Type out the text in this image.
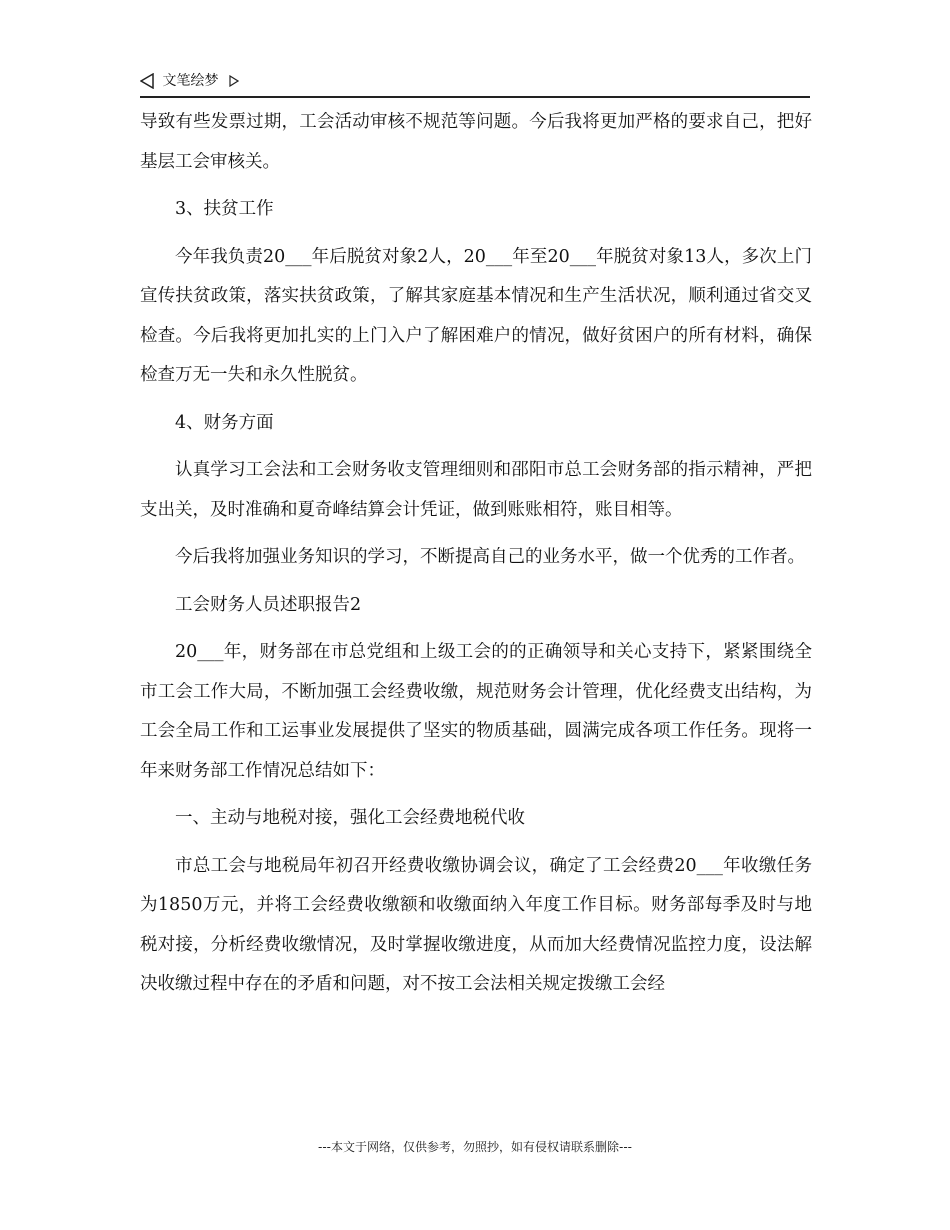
文笔绘梦

导致有些发票过期，工会活动审核不规范等问题。今后我将更加严格的要求自己，把好基层工会审核关。

3、扶贫工作

今年我负责20___年后脱贫对象2人，20___年至20___年脱贫对象13人，多次上门宣传扶贫政策，落实扶贫政策，了解其家庭基本情况和生产生活状况，顺利通过省交叉检查。今后我将更加扎实的上门入户了解困难户的情况，做好贫困户的所有材料，确保检查万无一失和永久性脱贫。

4、财务方面

认真学习工会法和工会财务收支管理细则和邵阳市总工会财务部的指示精神，严把支出关，及时准确和夏奇峰结算会计凭证，做到账账相符，账目相等。

今后我将加强业务知识的学习，不断提高自己的业务水平，做一个优秀的工作者。

工会财务人员述职报告2

20___年，财务部在市总党组和上级工会的的正确领导和关心支持下，紧紧围绕全市工会工作大局，不断加强工会经费收缴，规范财务会计管理，优化经费支出结构，为工会全局工作和工运事业发展提供了坚实的物质基础，圆满完成各项工作任务。现将一年来财务部工作情况总结如下：

一、主动与地税对接，强化工会经费地税代收

市总工会与地税局年初召开经费收缴协调会议，确定了工会经费20___年收缴任务为1850万元，并将工会经费收缴额和收缴面纳入年度工作目标。财务部每季及时与地税对接，分析经费收缴情况，及时掌握收缴进度，从而加大经费情况监控力度，设法解决收缴过程中存在的矛盾和问题，对不按工会法相关规定拨缴工会经

---本文于网络，仅供参考，勿照抄，如有侵权请联系删除---
